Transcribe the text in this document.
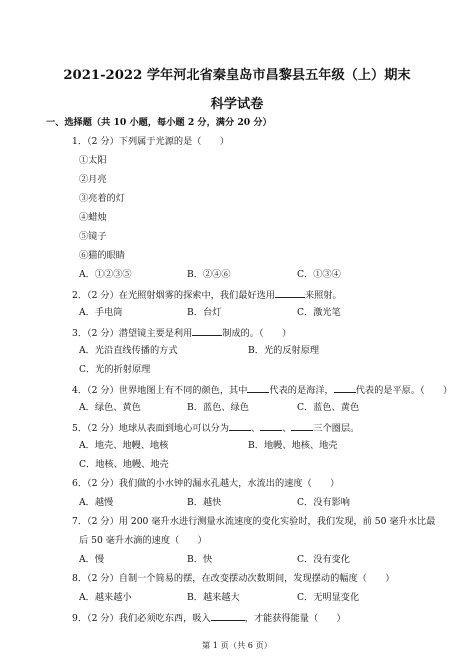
2021-2022 学年河北省秦皇岛市昌黎县五年级（上）期末
科学试卷
一、选择题（共 10 小题，每小题 2 分，满分 20 分）
1．（2 分）下列属于光源的是（　　）
①太阳
②月亮
③亮着的灯
④蜡烛
⑤镜子
⑥猫的眼睛
A．①②③⑤	B．②④⑥	C．①③④
2．（2 分）在光照射烟雾的探索中，我们最好选用	来照射。
A．手电筒	B．台灯	C．激光笔
3．（2 分）潜望镜主要是利用	制成的。（　　）
A．光沿直线传播的方式	B．光的反射原理
C．光的折射原理
4．（2 分）世界地图上有不同的颜色，其中 代表的是海洋， 代表的是平原。（　　）
A．绿色、黄色	B．蓝色、绿色	C．蓝色、黄色
5．（2 分）地球从表面到地心可以分为 、 、 三个圈层。
A．地壳、地幔、地核	B．地幔、地核、地壳
C．地核、地幔、地壳
6．（2 分）我们做的小水钟的漏水孔越大，水流出的速度（　　）
A．越慢	B．越快	C．没有影响
7．（2 分）用 200 毫升水进行测量水流速度的变化实验时，我们发现，前 50 毫升水比最
后 50 毫升水滴的速度（　　）
A．慢	B．快	C．没有变化
8．（2 分）自制一个简易的摆，在改变摆动次数期间，发现摆动的幅度（　　）
A．越来越小	B．越来越大	C．无明显变化
9．（2 分）我们必须吃东西，吸入	，才能获得能量（　　）
第 1 页（共 6 页）
